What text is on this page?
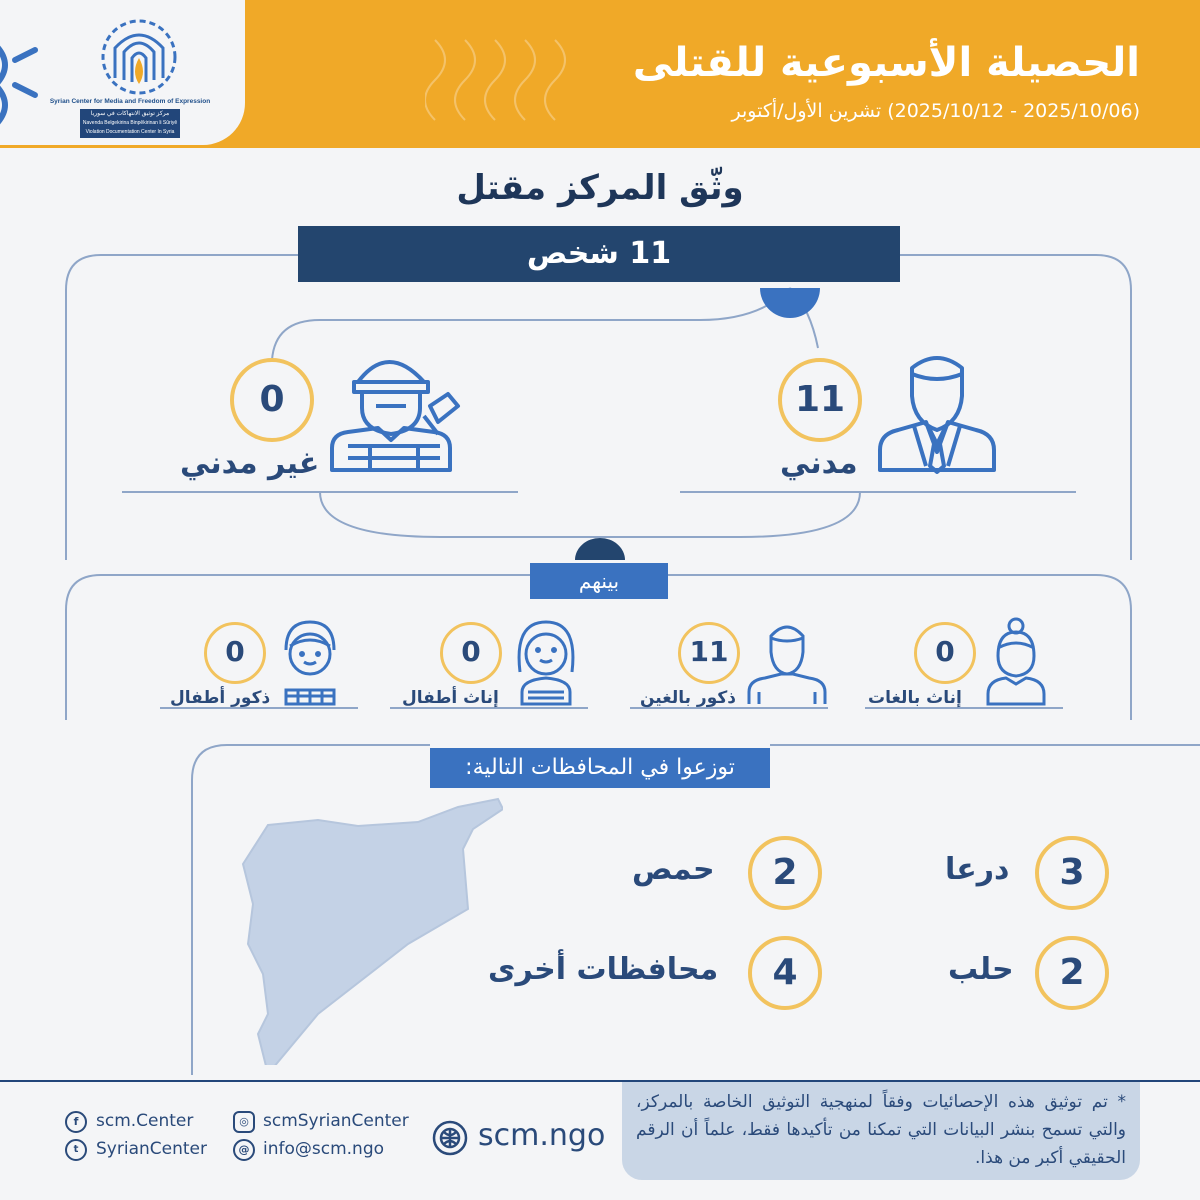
الحصيلة الأسبوعية للقتلى
(2025/10/06 - 2025/10/12) تشرين الأول/أكتوبر
Syrian Center for Media and Freedom of Expression
مركز توثيق الانتهاكات في سوريا
Navenda Belgekirina Binpêkirinan li Sûriyê
Violation Documentation Center In Syria
وثّق المركز مقتل
11 شخص
11
مدني
0
غير مدني
بينهم
0
إناث بالغات
11
ذكور بالغين
0
إناث أطفال
0
ذكور أطفال
توزعوا في المحافظات التالية:
3
درعا
2
حمص
2
حلب
4
محافظات أخرى
f	scm.Center
t	SyrianCenter
◎ scmSyrianCenter
@ info@scm.ngo	scm.ngo
* تم توثيق هذه الإحصائيات وفقاً لمنهجية التوثيق الخاصة بالمركز، والتي تسمح بنشر البيانات التي تمكنا من تأكيدها فقط، علماً أن الرقم الحقيقي أكبر من هذا.
